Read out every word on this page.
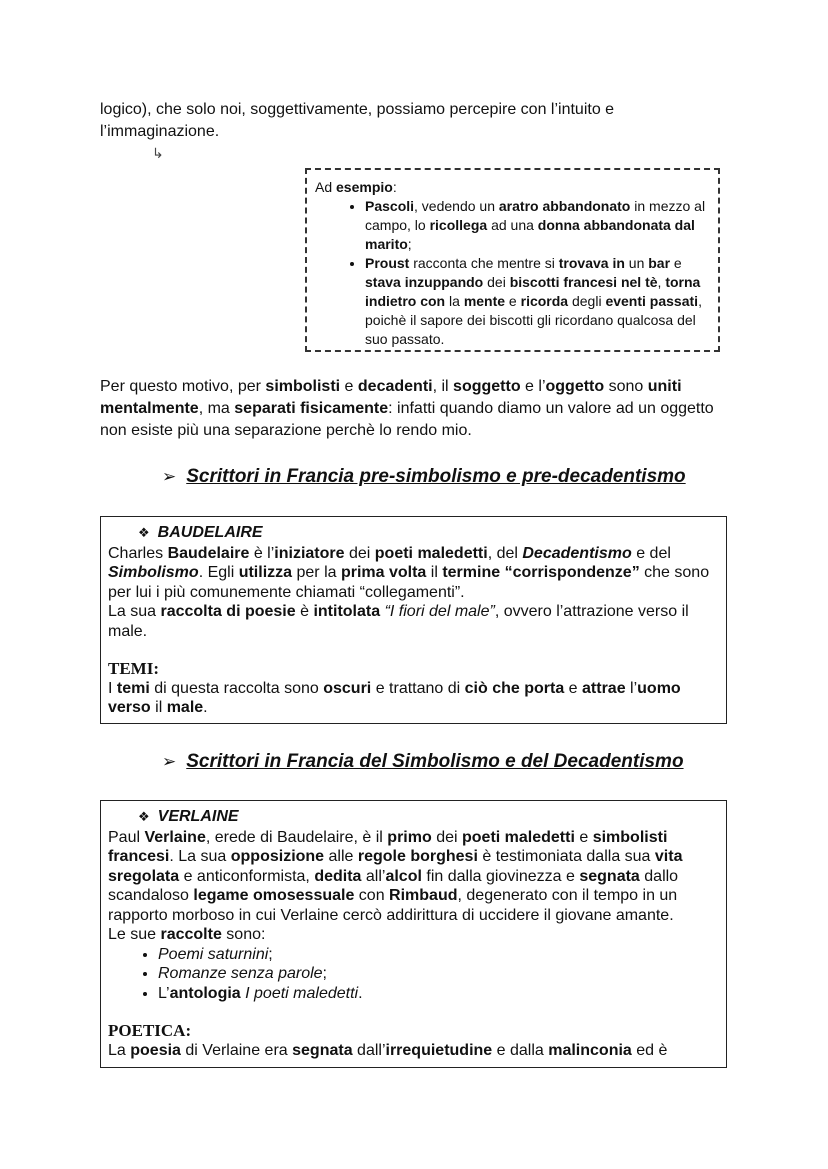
logico), che solo noi, soggettivamente, possiamo percepire con l’intuito e
l’immaginazione.
↳
Ad esempio:
• Pascoli, vedendo un aratro abbandonato in mezzo al campo, lo ricollega ad una donna abbandonata dal marito;
• Proust racconta che mentre si trovava in un bar e stava inzuppando dei biscotti francesi nel tè, torna indietro con la mente e ricorda degli eventi passati, poichè il sapore dei biscotti gli ricordano qualcosa del suo passato.
Per questo motivo, per simbolisti e decadenti, il soggetto e l’oggetto sono uniti mentalmente, ma separati fisicamente: infatti quando diamo un valore ad un oggetto non esiste più una separazione perchè lo rendo mio.
➢ Scrittori in Francia pre-simbolismo e pre-decadentismo
❖ BAUDELAIRE
Charles Baudelaire è l’iniziatore dei poeti maledetti, del Decadentismo e del Simbolismo. Egli utilizza per la prima volta il termine “corrispondenze” che sono per lui i più comunemente chiamati “collegamenti”.
La sua raccolta di poesie è intitolata “I fiori del male”, ovvero l’attrazione verso il male.
TEMI:
I temi di questa raccolta sono oscuri e trattano di ciò che porta e attrae l’uomo verso il male.
➢ Scrittori in Francia del Simbolismo e del Decadentismo
❖ VERLAINE
Paul Verlaine, erede di Baudelaire, è il primo dei poeti maledetti e simbolisti francesi. La sua opposizione alle regole borghesi è testimoniata dalla sua vita sregolata e anticonformista, dedita all’alcol fin dalla giovinezza e segnata dallo scandaloso legame omosessuale con Rimbaud, degenerato con il tempo in un rapporto morboso in cui Verlaine cercò addirittura di uccidere il giovane amante.
Le sue raccolte sono:
• Poemi saturnini;
• Romanze senza parole;
• L’antologia I poeti maledetti.
POETICA:
La poesia di Verlaine era segnata dall’irrequietudine e dalla malinconia ed è
